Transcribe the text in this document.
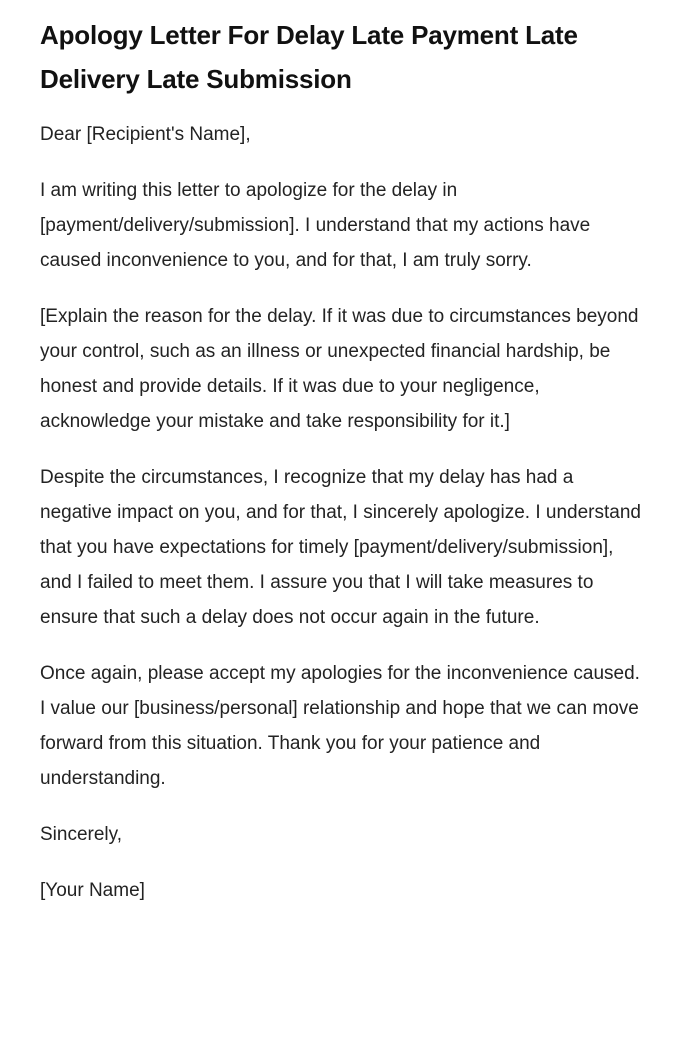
Apology Letter For Delay Late Payment Late Delivery Late Submission

Dear [Recipient's Name],

I am writing this letter to apologize for the delay in [payment/delivery/submission]. I understand that my actions have caused inconvenience to you, and for that, I am truly sorry.

[Explain the reason for the delay. If it was due to circumstances beyond your control, such as an illness or unexpected financial hardship, be honest and provide details. If it was due to your negligence, acknowledge your mistake and take responsibility for it.]

Despite the circumstances, I recognize that my delay has had a negative impact on you, and for that, I sincerely apologize. I understand that you have expectations for timely [payment/delivery/submission], and I failed to meet them. I assure you that I will take measures to ensure that such a delay does not occur again in the future.

Once again, please accept my apologies for the inconvenience caused. I value our [business/personal] relationship and hope that we can move forward from this situation. Thank you for your patience and understanding.

Sincerely,

[Your Name]
